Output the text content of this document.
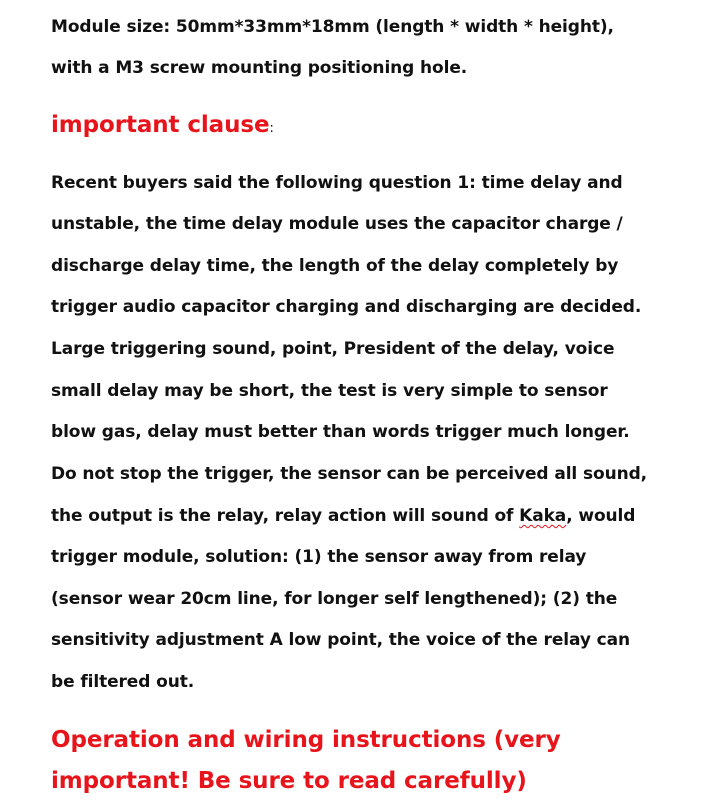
Module size: 50mm*33mm*18mm (length * width * height),
with a M3 screw mounting positioning hole.
important clause:
Recent buyers said the following question 1: time delay and
unstable, the time delay module uses the capacitor charge /
discharge delay time, the length of the delay completely by
trigger audio capacitor charging and discharging are decided.
Large triggering sound, point, President of the delay, voice
small delay may be short, the test is very simple to sensor
blow gas, delay must better than words trigger much longer.
Do not stop the trigger, the sensor can be perceived all sound,
the output is the relay, relay action will sound of Kaka, would
trigger module, solution: (1) the sensor away from relay
(sensor wear 20cm line, for longer self lengthened); (2) the
sensitivity adjustment A low point, the voice of the relay can
be filtered out.
Operation and wiring instructions (very
important! Be sure to read carefully)
